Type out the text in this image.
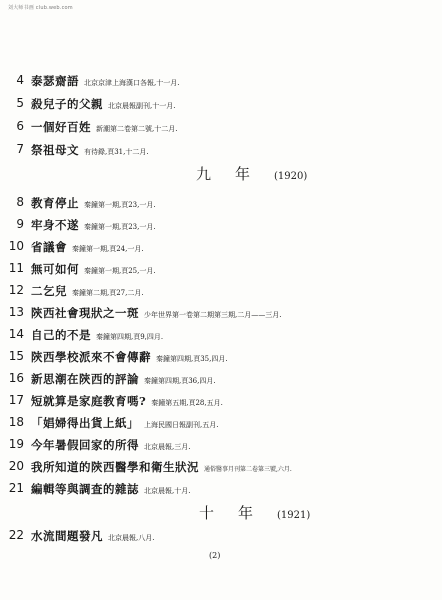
刘大师书画 club.web.com
4 泰瑟齋語 北京京津上海漢口各報,十一月.
5 殺兒子的父親 北京晨報副刊,十一月.
6 一個好百姓 新潮第二卷第二號,十二月.
7 祭祖母文 有待錄,頁31,十二月.
九年(1920)
8 教育停止 秦鐘第一期,頁23,一月.
9 牢身不遂 秦鐘第一期,頁23,一月.
10 省議會 秦鐘第一期,頁24,一月.
11 無可如何 秦鐘第一期,頁25,一月.
12 二乞兒 秦鐘第二期,頁27,二月.
13 陝西社會現狀之一斑 少年世界第一卷第二期第三期,二月——三月.
14 自己的不是 秦鐘第四期,頁9,四月.
15 陝西學校派來不會傳辭 秦鐘第四期,頁35,四月.
16 新思潮在陝西的評論 秦鐘第四期,頁36,四月.
17 短就算是家庭教育嗎? 秦鐘第五期,頁28,五月.
18 「娼婦得出貨上紙」 上海民國日報副刊,五月.
19 今年暑假回家的所得 北京晨報,三月.
20 我所知道的陝西醫學和衛生狀況 通俗醫事月刊第二卷第三號,六月.
21 編輯等與調查的雜誌 北京晨報,十月.
十年(1921)
22 水流間題發凡 北京晨報,八月.
(2)
